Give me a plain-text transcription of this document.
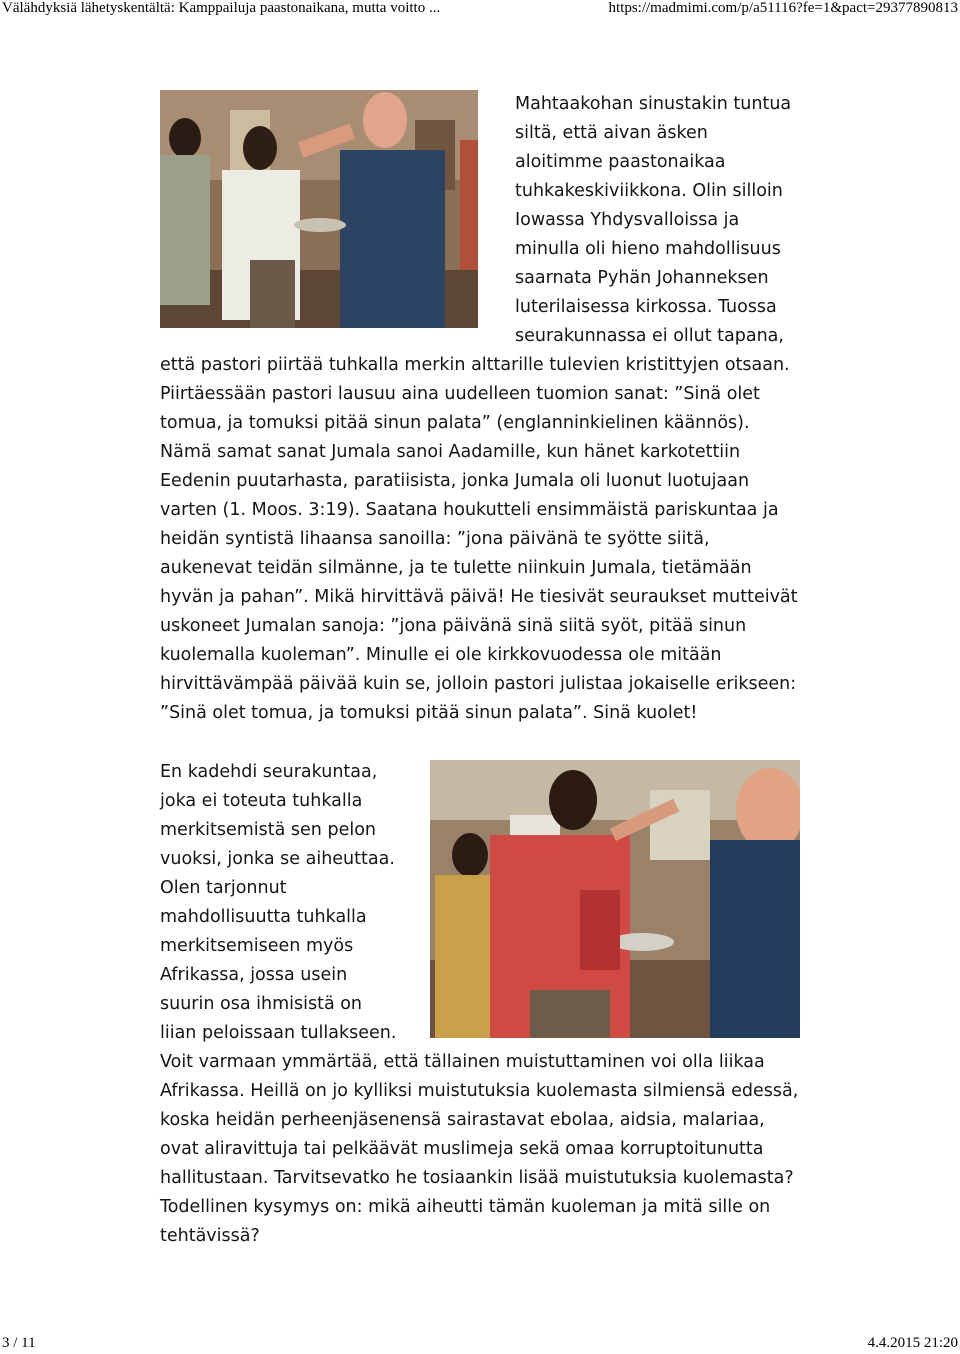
Välähdyksiä lähetyskentältä: Kamppailuja paastonaikana, mutta voitto ...	https://madmimi.com/p/a51116?fe=1&pact=29377890813

Mahtaakohan sinustakin tuntua siltä, että aivan äsken aloitimme paastonaikaa tuhkakeskiviikkona. Olin silloin Iowassa Yhdysvalloissa ja minulla oli hieno mahdollisuus saarnata Pyhän Johanneksen luterilaisessa kirkossa. Tuossa seurakunnassa ei ollut tapana, että pastori piirtää tuhkalla merkin alttarille tulevien kristittyjen otsaan. Piirtäessään pastori lausuu aina uudelleen tuomion sanat: ”Sinä olet tomua, ja tomuksi pitää sinun palata” (englanninkielinen käännös). Nämä samat sanat Jumala sanoi Aadamille, kun hänet karkotettiin Eedenin puutarhasta, paratiisista, jonka Jumala oli luonut luotujaan varten (1. Moos. 3:19). Saatana houkutteli ensimmäistä pariskuntaa ja heidän syntistä lihaansa sanoilla: ”jona päivänä te syötte siitä, aukenevat teidän silmänne, ja te tulette niinkuin Jumala, tietämään hyvän ja pahan”. Mikä hirvittävä päivä! He tiesivät seuraukset mutteivät uskoneet Jumalan sanoja: ”jona päivänä sinä siitä syöt, pitää sinun kuolemalla kuoleman”. Minulle ei ole kirkkovuodessa ole mitään hirvittävämpää päivää kuin se, jolloin pastori julistaa jokaiselle erikseen: ”Sinä olet tomua, ja tomuksi pitää sinun palata”. Sinä kuolet!

En kadehdi seurakuntaa, joka ei toteuta tuhkalla merkitsemistä sen pelon vuoksi, jonka se aiheuttaa. Olen tarjonnut mahdollisuutta tuhkalla merkitsemiseen myös Afrikassa, jossa usein suurin osa ihmisistä on liian peloissaan tullakseen. Voit varmaan ymmärtää, että tällainen muistuttaminen voi olla liikaa Afrikassa. Heillä on jo kylliksi muistutuksia kuolemasta silmiensä edessä, koska heidän perheenjäsenensä sairastavat ebolaa, aidsia, malariaa, ovat aliravittuja tai pelkäävät muslimeja sekä omaa korruptoitunutta hallitustaan. Tarvitsevatko he tosiaankin lisää muistutuksia kuolemasta? Todellinen kysymys on: mikä aiheutti tämän kuoleman ja mitä sille on tehtävissä?

3 / 11	4.4.2015 21:20
